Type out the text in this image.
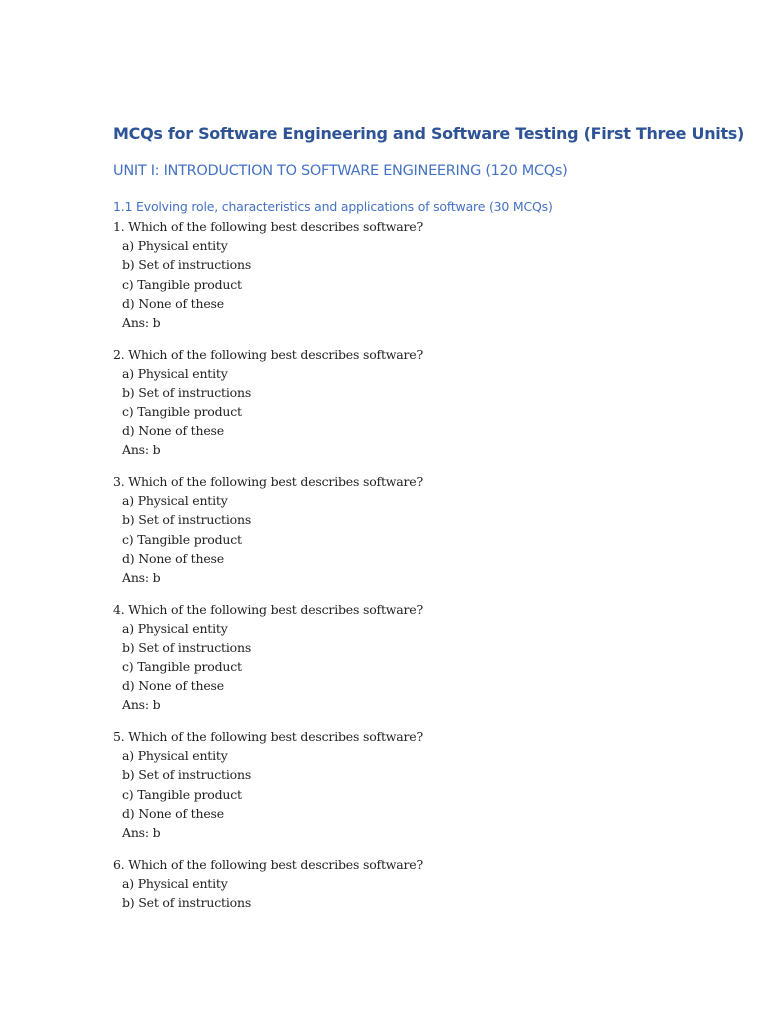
MCQs for Software Engineering and Software Testing (First Three Units)
UNIT I: INTRODUCTION TO SOFTWARE ENGINEERING (120 MCQs)
1.1 Evolving role, characteristics and applications of software (30 MCQs)
1. Which of the following best describes software?
a) Physical entity
b) Set of instructions
c) Tangible product
d) None of these
Ans: b
2. Which of the following best describes software?
a) Physical entity
b) Set of instructions
c) Tangible product
d) None of these
Ans: b
3. Which of the following best describes software?
a) Physical entity
b) Set of instructions
c) Tangible product
d) None of these
Ans: b
4. Which of the following best describes software?
a) Physical entity
b) Set of instructions
c) Tangible product
d) None of these
Ans: b
5. Which of the following best describes software?
a) Physical entity
b) Set of instructions
c) Tangible product
d) None of these
Ans: b
6. Which of the following best describes software?
a) Physical entity
b) Set of instructions
